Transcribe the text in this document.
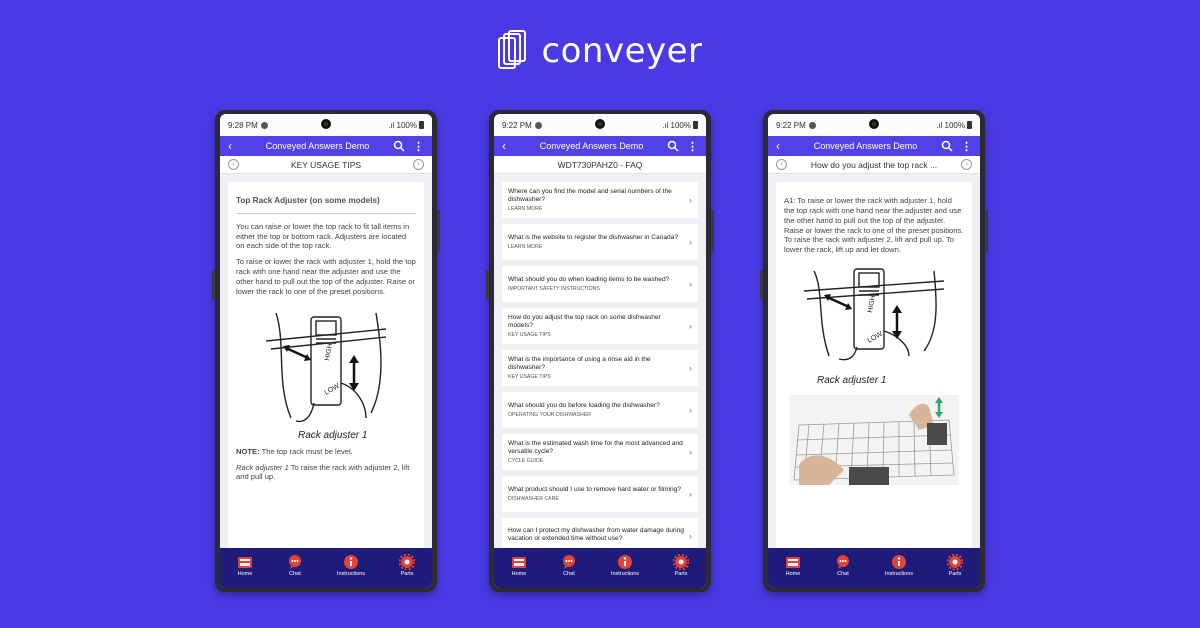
conveyer
9:28 PM	.ıl 100%
‹	Conveyed Answers Demo	⋮
‹	KEY USAGE TIPS	›
Top Rack Adjuster (on some models)

You can raise or lower the top rack to fit tall items in either the top or bottom rack. Adjusters are located on each side of the top rack.

To raise or lower the rack with adjuster 1, hold the top rack with one hand near the adjuster and use the other hand to pull out the top of the adjuster. Raise or lower the rack to one of the preset positions.

HIGH
LOW
Rack adjuster 1

NOTE: The top rack must be level.

Rack adjuster 1 To raise the rack with adjuster 2, lift and pull up.

Home	Chat	Instructions	Parts
9:22 PM	.ıl 100%
‹	Conveyed Answers Demo	⋮
WDT730PAHZ0 - FAQ
Where can you find the model and serial numbers of the dishwasher?
LEARN MORE
›
What is the website to register the dishwasher in Canada?
LEARN MORE
›
What should you do when loading items to be washed?
IMPORTANT SAFETY INSTRUCTIONS
›
How do you adjust the top rack on some dishwasher models?
KEY USAGE TIPS
›
What is the importance of using a rinse aid in the dishwasher?
KEY USAGE TIPS
›
What should you do before loading the dishwasher?
OPERATING YOUR DISHWASHER
›
What is the estimated wash time for the most advanced and versatile cycle?
CYCLE GUIDE
›
What product should I use to remove hard water or filming?
DISHWASHER CARE
›
How can I protect my dishwasher from water damage during vacation or extended time without use?	›
Home	Chat	Instructions	Parts
9:22 PM	.ıl 100%
‹	Conveyed Answers Demo	⋮
‹	How do you adjust the top rack ...	›

A1: To raise or lower the rack with adjuster 1, hold the top rack with one hand near the adjuster and use the other hand to pull out the top of the adjuster. Raise or lower the rack to one of the preset positions. To raise the rack with adjuster 2, lift and pull up. To lower the rack, lift up and let down.

HIGH
LOW
Rack adjuster 1
Home	Chat	Instructions	Parts
